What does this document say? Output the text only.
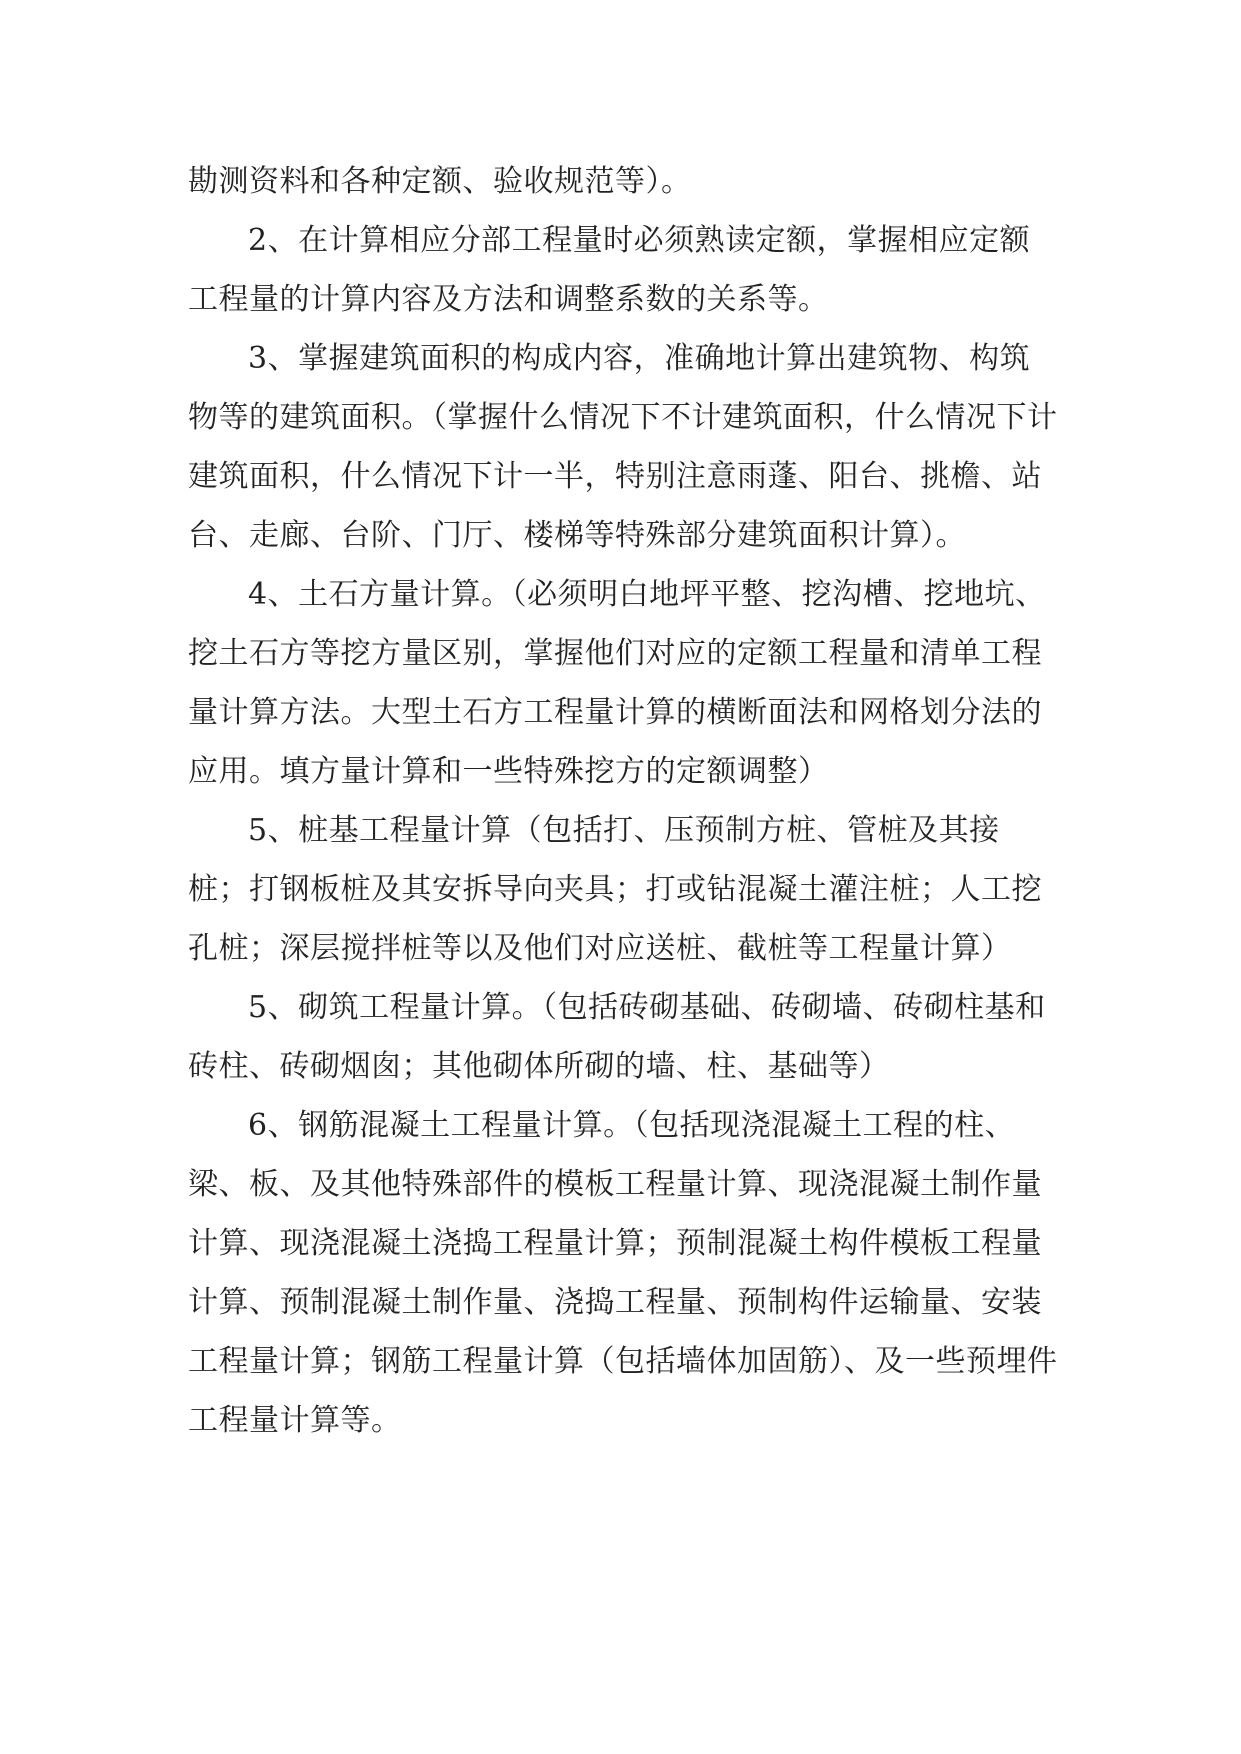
勘测资料和各种定额、验收规范等）。

2、在计算相应分部工程量时必须熟读定额，掌握相应定额工程量的计算内容及方法和调整系数的关系等。

3、掌握建筑面积的构成内容，准确地计算出建筑物、构筑物等的建筑面积。（掌握什么情况下不计建筑面积，什么情况下计建筑面积，什么情况下计一半，特别注意雨蓬、阳台、挑檐、站台、走廊、台阶、门厅、楼梯等特殊部分建筑面积计算）。

4、土石方量计算。（必须明白地坪平整、挖沟槽、挖地坑、挖土石方等挖方量区别，掌握他们对应的定额工程量和清单工程量计算方法。大型土石方工程量计算的横断面法和网格划分法的应用。填方量计算和一些特殊挖方的定额调整）

5、桩基工程量计算（包括打、压预制方桩、管桩及其接桩；打钢板桩及其安拆导向夹具；打或钻混凝土灌注桩；人工挖孔桩；深层搅拌桩等以及他们对应送桩、截桩等工程量计算）

5、砌筑工程量计算。（包括砖砌基础、砖砌墙、砖砌柱基和砖柱、砖砌烟囱；其他砌体所砌的墙、柱、基础等）

6、钢筋混凝土工程量计算。（包括现浇混凝土工程的柱、梁、板、及其他特殊部件的模板工程量计算、现浇混凝土制作量计算、现浇混凝土浇捣工程量计算；预制混凝土构件模板工程量计算、预制混凝土制作量、浇捣工程量、预制构件运输量、安装工程量计算；钢筋工程量计算（包括墙体加固筋）、及一些预埋件工程量计算等。
